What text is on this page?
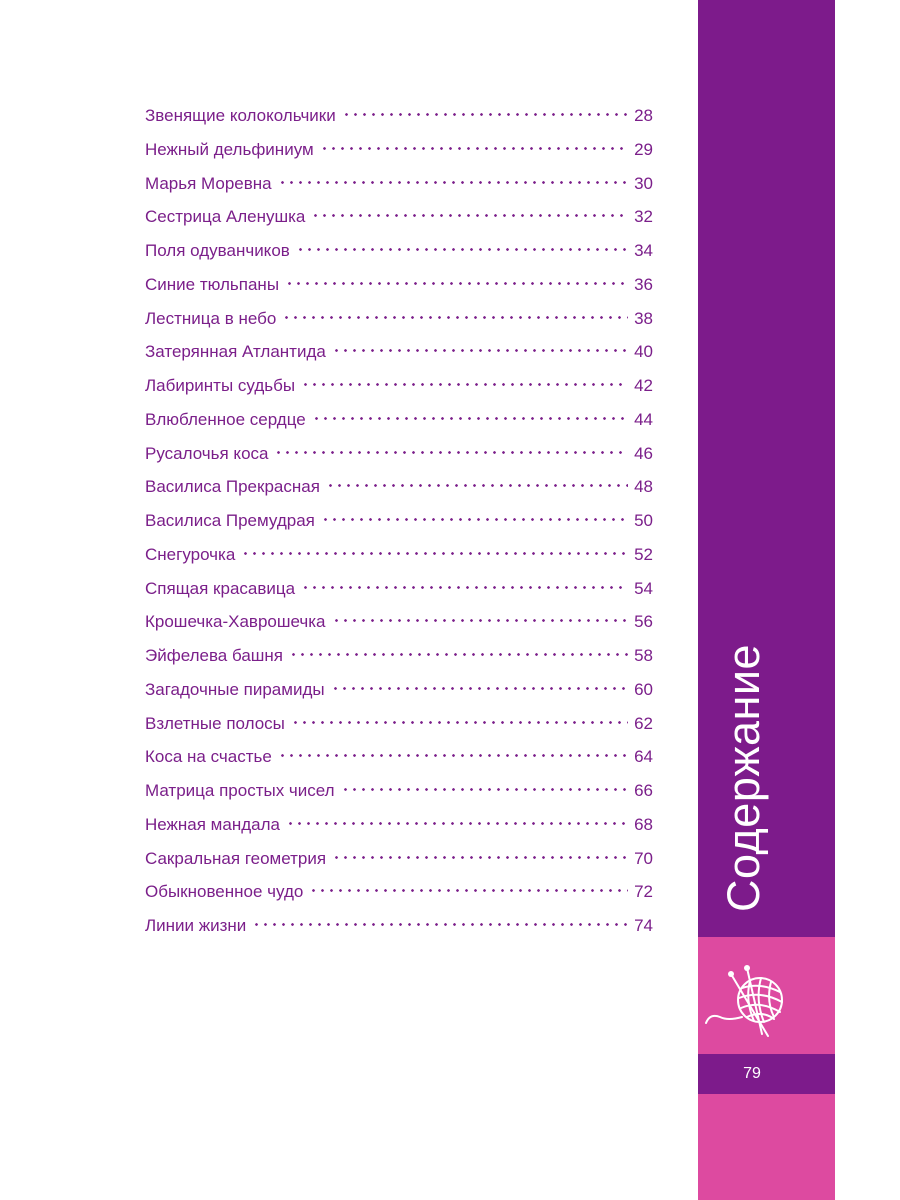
Звенящие колокольчики	28
Нежный дельфиниум	29
Марья Моревна	30
Сестрица Аленушка	32
Поля одуванчиков	34
Синие тюльпаны	36
Лестница в небо	38
Затерянная Атлантида	40
Лабиринты судьбы	42
Влюбленное сердце	44
Русалочья коса	46
Василиса Прекрасная	48
Василиса Премудрая	50
Снегурочка	52
Спящая красавица	54
Крошечка-Хаврошечка	56
Эйфелева башня	58
Загадочные пирамиды	60
Взлетные полосы	62
Коса на счастье	64
Матрица простых чисел	66
Нежная мандала	68
Сакральная геометрия	70
Обыкновенное чудо	72
Линии жизни	74
Содержание
79
